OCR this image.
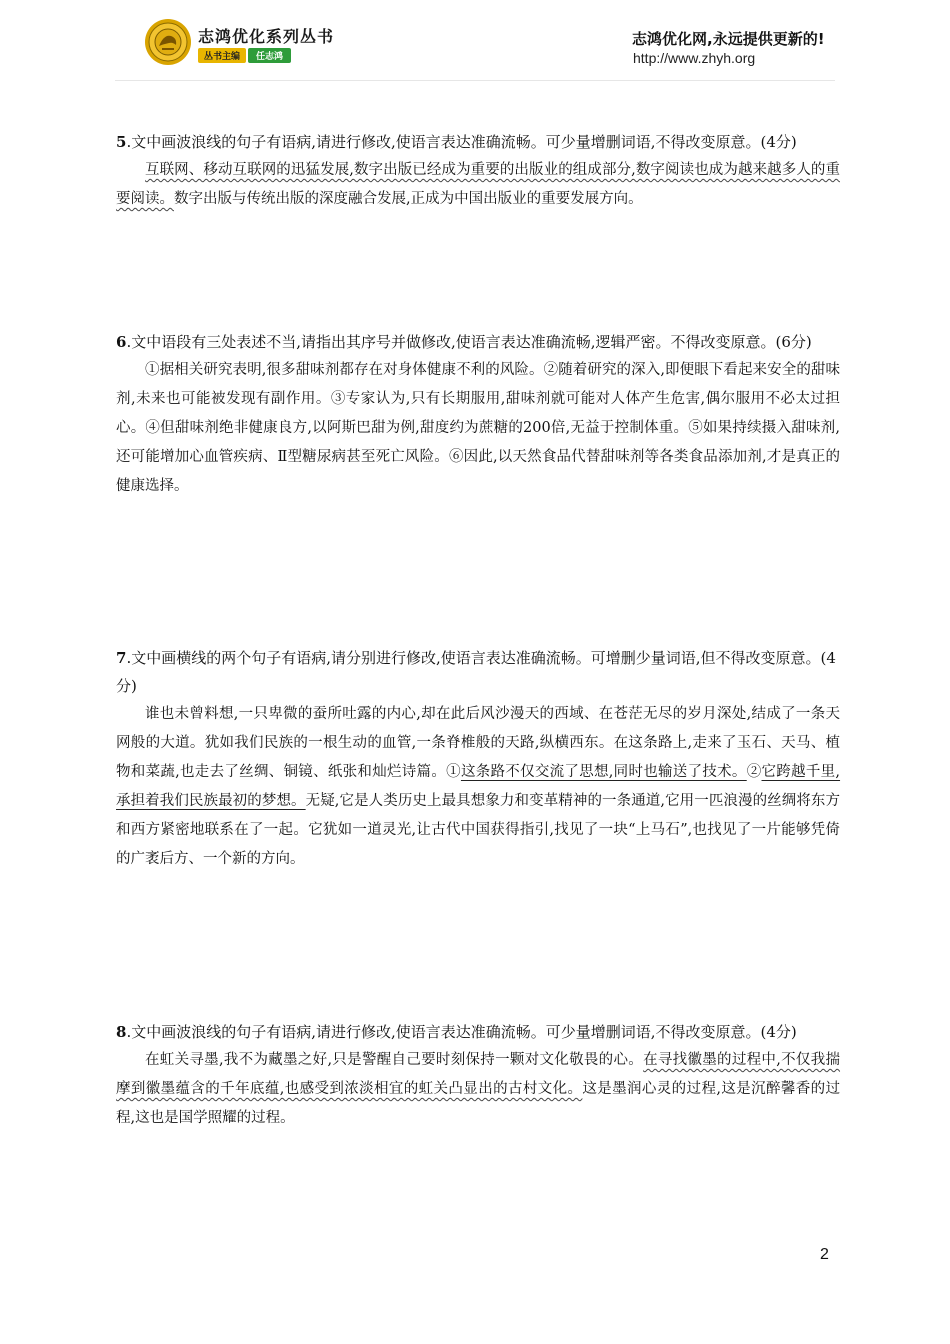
志鸿优化系列丛书
丛书主编 任志鸿
志鸿优化网,永远提供更新的!
http://www.zhyh.org
5.文中画波浪线的句子有语病,请进行修改,使语言表达准确流畅。可少量增删词语,不得改变原意。(4分)
互联网、移动互联网的迅猛发展,数字出版已经成为重要的出版业的组成部分,数字阅读也成为越来越多人的重要阅读。数字出版与传统出版的深度融合发展,正成为中国出版业的重要发展方向。
6.文中语段有三处表述不当,请指出其序号并做修改,使语言表达准确流畅,逻辑严密。不得改变原意。(6分)
①据相关研究表明,很多甜味剂都存在对身体健康不利的风险。②随着研究的深入,即便眼下看起来安全的甜味剂,未来也可能被发现有副作用。③专家认为,只有长期服用,甜味剂就可能对人体产生危害,偶尔服用不必太过担心。④但甜味剂绝非健康良方,以阿斯巴甜为例,甜度约为蔗糖的200倍,无益于控制体重。⑤如果持续摄入甜味剂,还可能增加心血管疾病、Ⅱ型糖尿病甚至死亡风险。⑥因此,以天然食品代替甜味剂等各类食品添加剂,才是真正的健康选择。
7.文中画横线的两个句子有语病,请分别进行修改,使语言表达准确流畅。可增删少量词语,但不得改变原意。(4分)
谁也未曾料想,一只卑微的蚕所吐露的内心,却在此后风沙漫天的西域、在苍茫无尽的岁月深处,结成了一条天网般的大道。犹如我们民族的一根生动的血管,一条脊椎般的天路,纵横西东。在这条路上,走来了玉石、天马、植物和菜蔬,也走去了丝绸、铜镜、纸张和灿烂诗篇。①这条路不仅交流了思想,同时也输送了技术。②它跨越千里,承担着我们民族最初的梦想。无疑,它是人类历史上最具想象力和变革精神的一条通道,它用一匹浪漫的丝绸将东方和西方紧密地联系在了一起。它犹如一道灵光,让古代中国获得指引,找见了一块“上马石”,也找见了一片能够凭倚的广袤后方、一个新的方向。
8.文中画波浪线的句子有语病,请进行修改,使语言表达准确流畅。可少量增删词语,不得改变原意。(4分)
在虹关寻墨,我不为藏墨之好,只是警醒自己要时刻保持一颗对文化敬畏的心。在寻找徽墨的过程中,不仅我揣摩到徽墨蕴含的千年底蕴,也感受到浓淡相宜的虹关凸显出的古村文化。这是墨润心灵的过程,这是沉醉馨香的过程,这也是国学照耀的过程。
2
